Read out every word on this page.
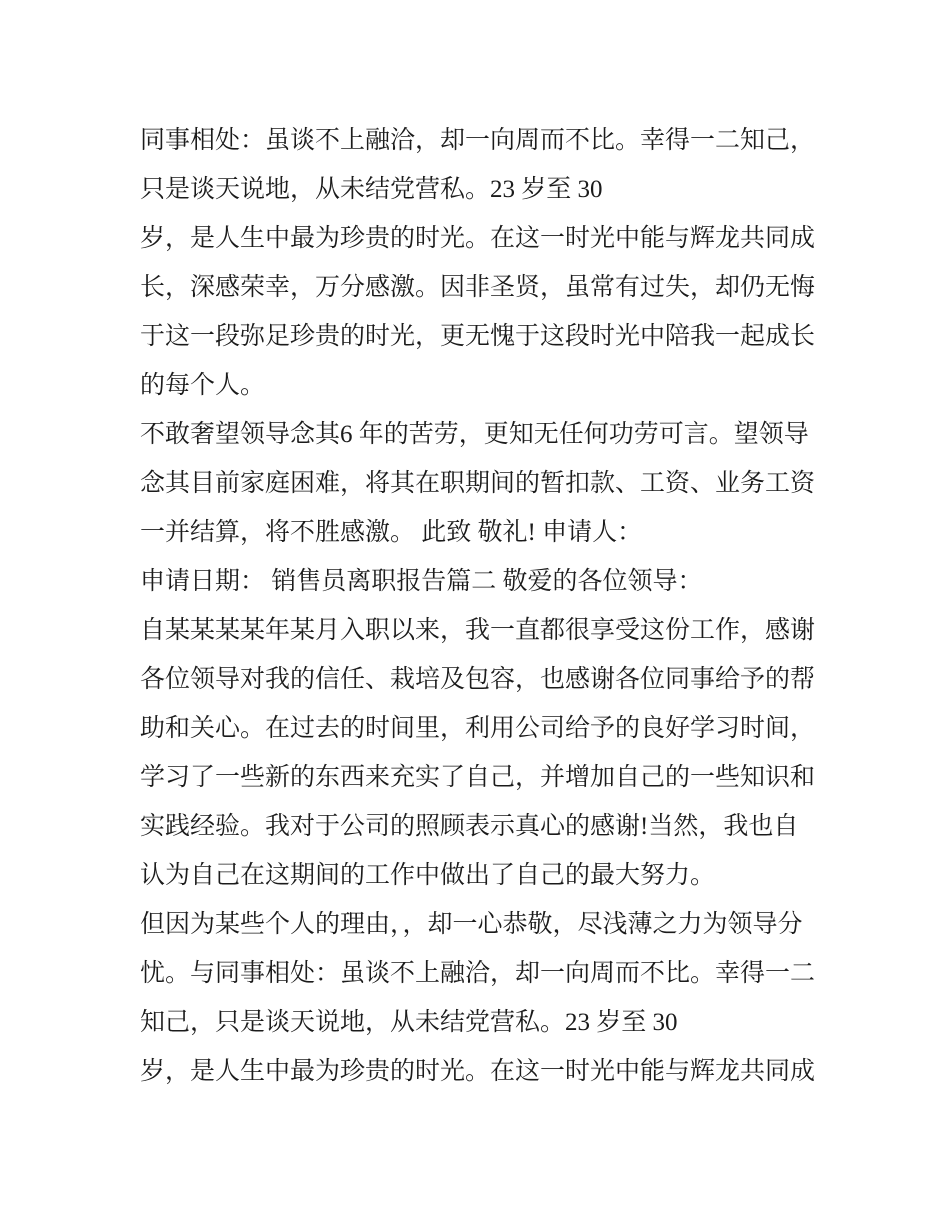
同事相处：虽谈不上融洽，却一向周而不比。幸得一二知己，
只是谈天说地，从未结党营私。23 岁至 30
岁，是人生中最为珍贵的时光。在这一时光中能与辉龙共同成
长，深感荣幸，万分感激。因非圣贤，虽常有过失，却仍无悔
于这一段弥足珍贵的时光，更无愧于这段时光中陪我一起成长
的每个人。
不敢奢望领导念其6 年的苦劳，更知无任何功劳可言。望领导
念其目前家庭困难，将其在职期间的暂扣款、工资、业务工资
一并结算，将不胜感激。 此致 敬礼! 申请人：
申请日期： 销售员离职报告篇二 敬爱的各位领导：
自某某某某年某月入职以来，我一直都很享受这份工作，感谢
各位领导对我的信任、栽培及包容，也感谢各位同事给予的帮
助和关心。在过去的时间里，利用公司给予的良好学习时间，
学习了一些新的东西来充实了自己，并增加自己的一些知识和
实践经验。我对于公司的照顾表示真心的感谢!当然，我也自
认为自己在这期间的工作中做出了自己的最大努力。
但因为某些个人的理由，，却一心恭敬，尽浅薄之力为领导分
忧。与同事相处：虽谈不上融洽，却一向周而不比。幸得一二
知己，只是谈天说地，从未结党营私。23 岁至 30
岁，是人生中最为珍贵的时光。在这一时光中能与辉龙共同成
